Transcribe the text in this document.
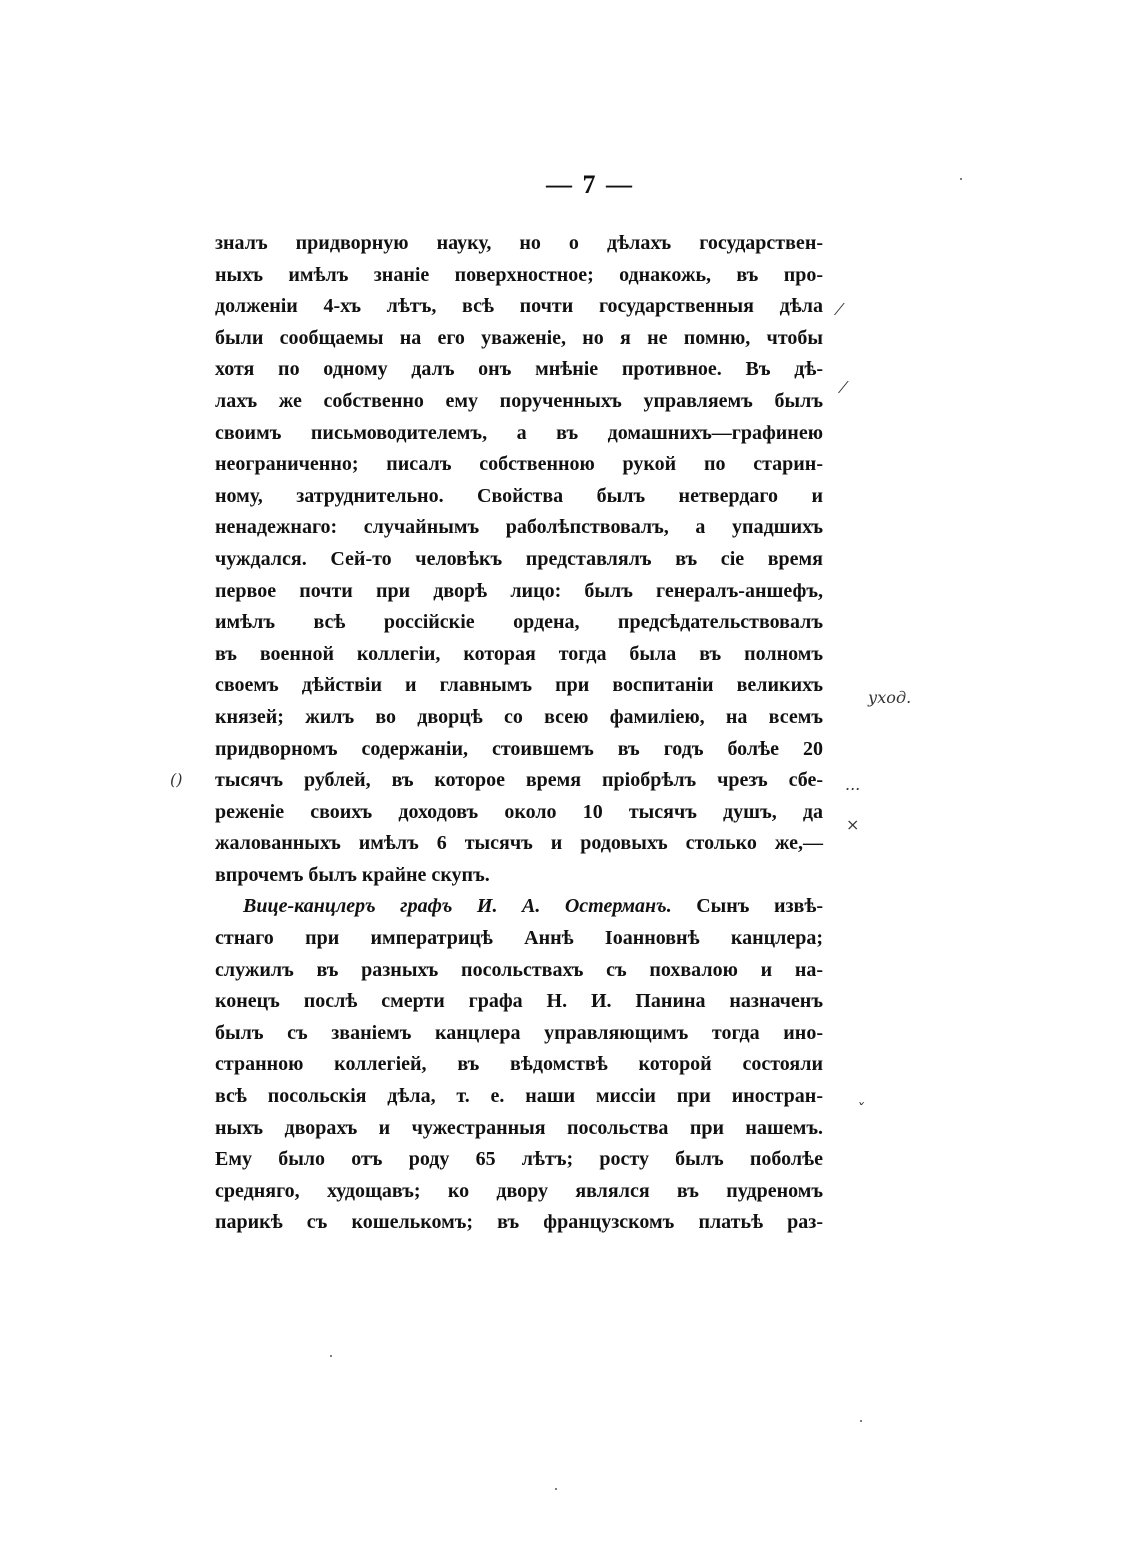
— 7 —
зналъ придворную науку, но о дѣлахъ государствен-
ныхъ имѣлъ знаніе поверхностное; однакожь, въ про-
долженіи 4-хъ лѣтъ, всѣ почти государственныя дѣла
были сообщаемы на его уваженіе, но я не помню, чтобы
хотя по одному далъ онъ мнѣніе противное. Въ дѣ-
лахъ же собственно ему порученныхъ управляемъ былъ
своимъ письмоводителемъ, а въ домашнихъ—графинею
неограниченно; писалъ собственною рукой по старин-
ному, затруднительно. Свойства былъ нетвердаго и
ненадежнаго: случайнымъ раболѣпствовалъ, а упадшихъ
чуждался. Сей-то человѣкъ представлялъ въ сіе время
первое почти при дворѣ лицо: былъ генералъ-аншефъ,
имѣлъ всѣ россійскіе ордена, предсѣдательствовалъ
въ военной коллегіи, которая тогда была въ полномъ
своемъ дѣйствіи и главнымъ при воспитаніи великихъ
князей; жилъ во дворцѣ со всею фамиліею, на всемъ
придворномъ содержаніи, стоившемъ въ годъ болѣе 20
тысячъ рублей, въ которое время пріобрѣлъ чрезъ сбе-
реженіе своихъ доходовъ около 10 тысячъ душъ, да
жалованныхъ имѣлъ 6 тысячъ и родовыхъ столько же,—
впрочемъ былъ крайне скупъ.
Вице-канцлеръ графъ И. А. Остерманъ. Сынъ извѣ-
стнаго при императрицѣ Аннѣ Іоанновнѣ канцлера;
служилъ въ разныхъ посольствахъ съ похвалою и на-
конецъ послѣ смерти графа Н. И. Панина назначенъ
былъ съ званіемъ канцлера управляющимъ тогда ино-
странною коллегіей, въ вѣдомствѣ которой состояли
всѣ посольскія дѣла, т. е. наши миссіи при иностран-
ныхъ дворахъ и чужестранныя посольства при нашемъ.
Ему было отъ роду 65 лѣтъ; росту былъ поболѣе
средняго, худощавъ; ко двору являлся въ пудреномъ
парикѣ съ кошелькомъ; въ французскомъ платьѣ раз-
уход.
...
()
⁄
⁄
×
ˇ
